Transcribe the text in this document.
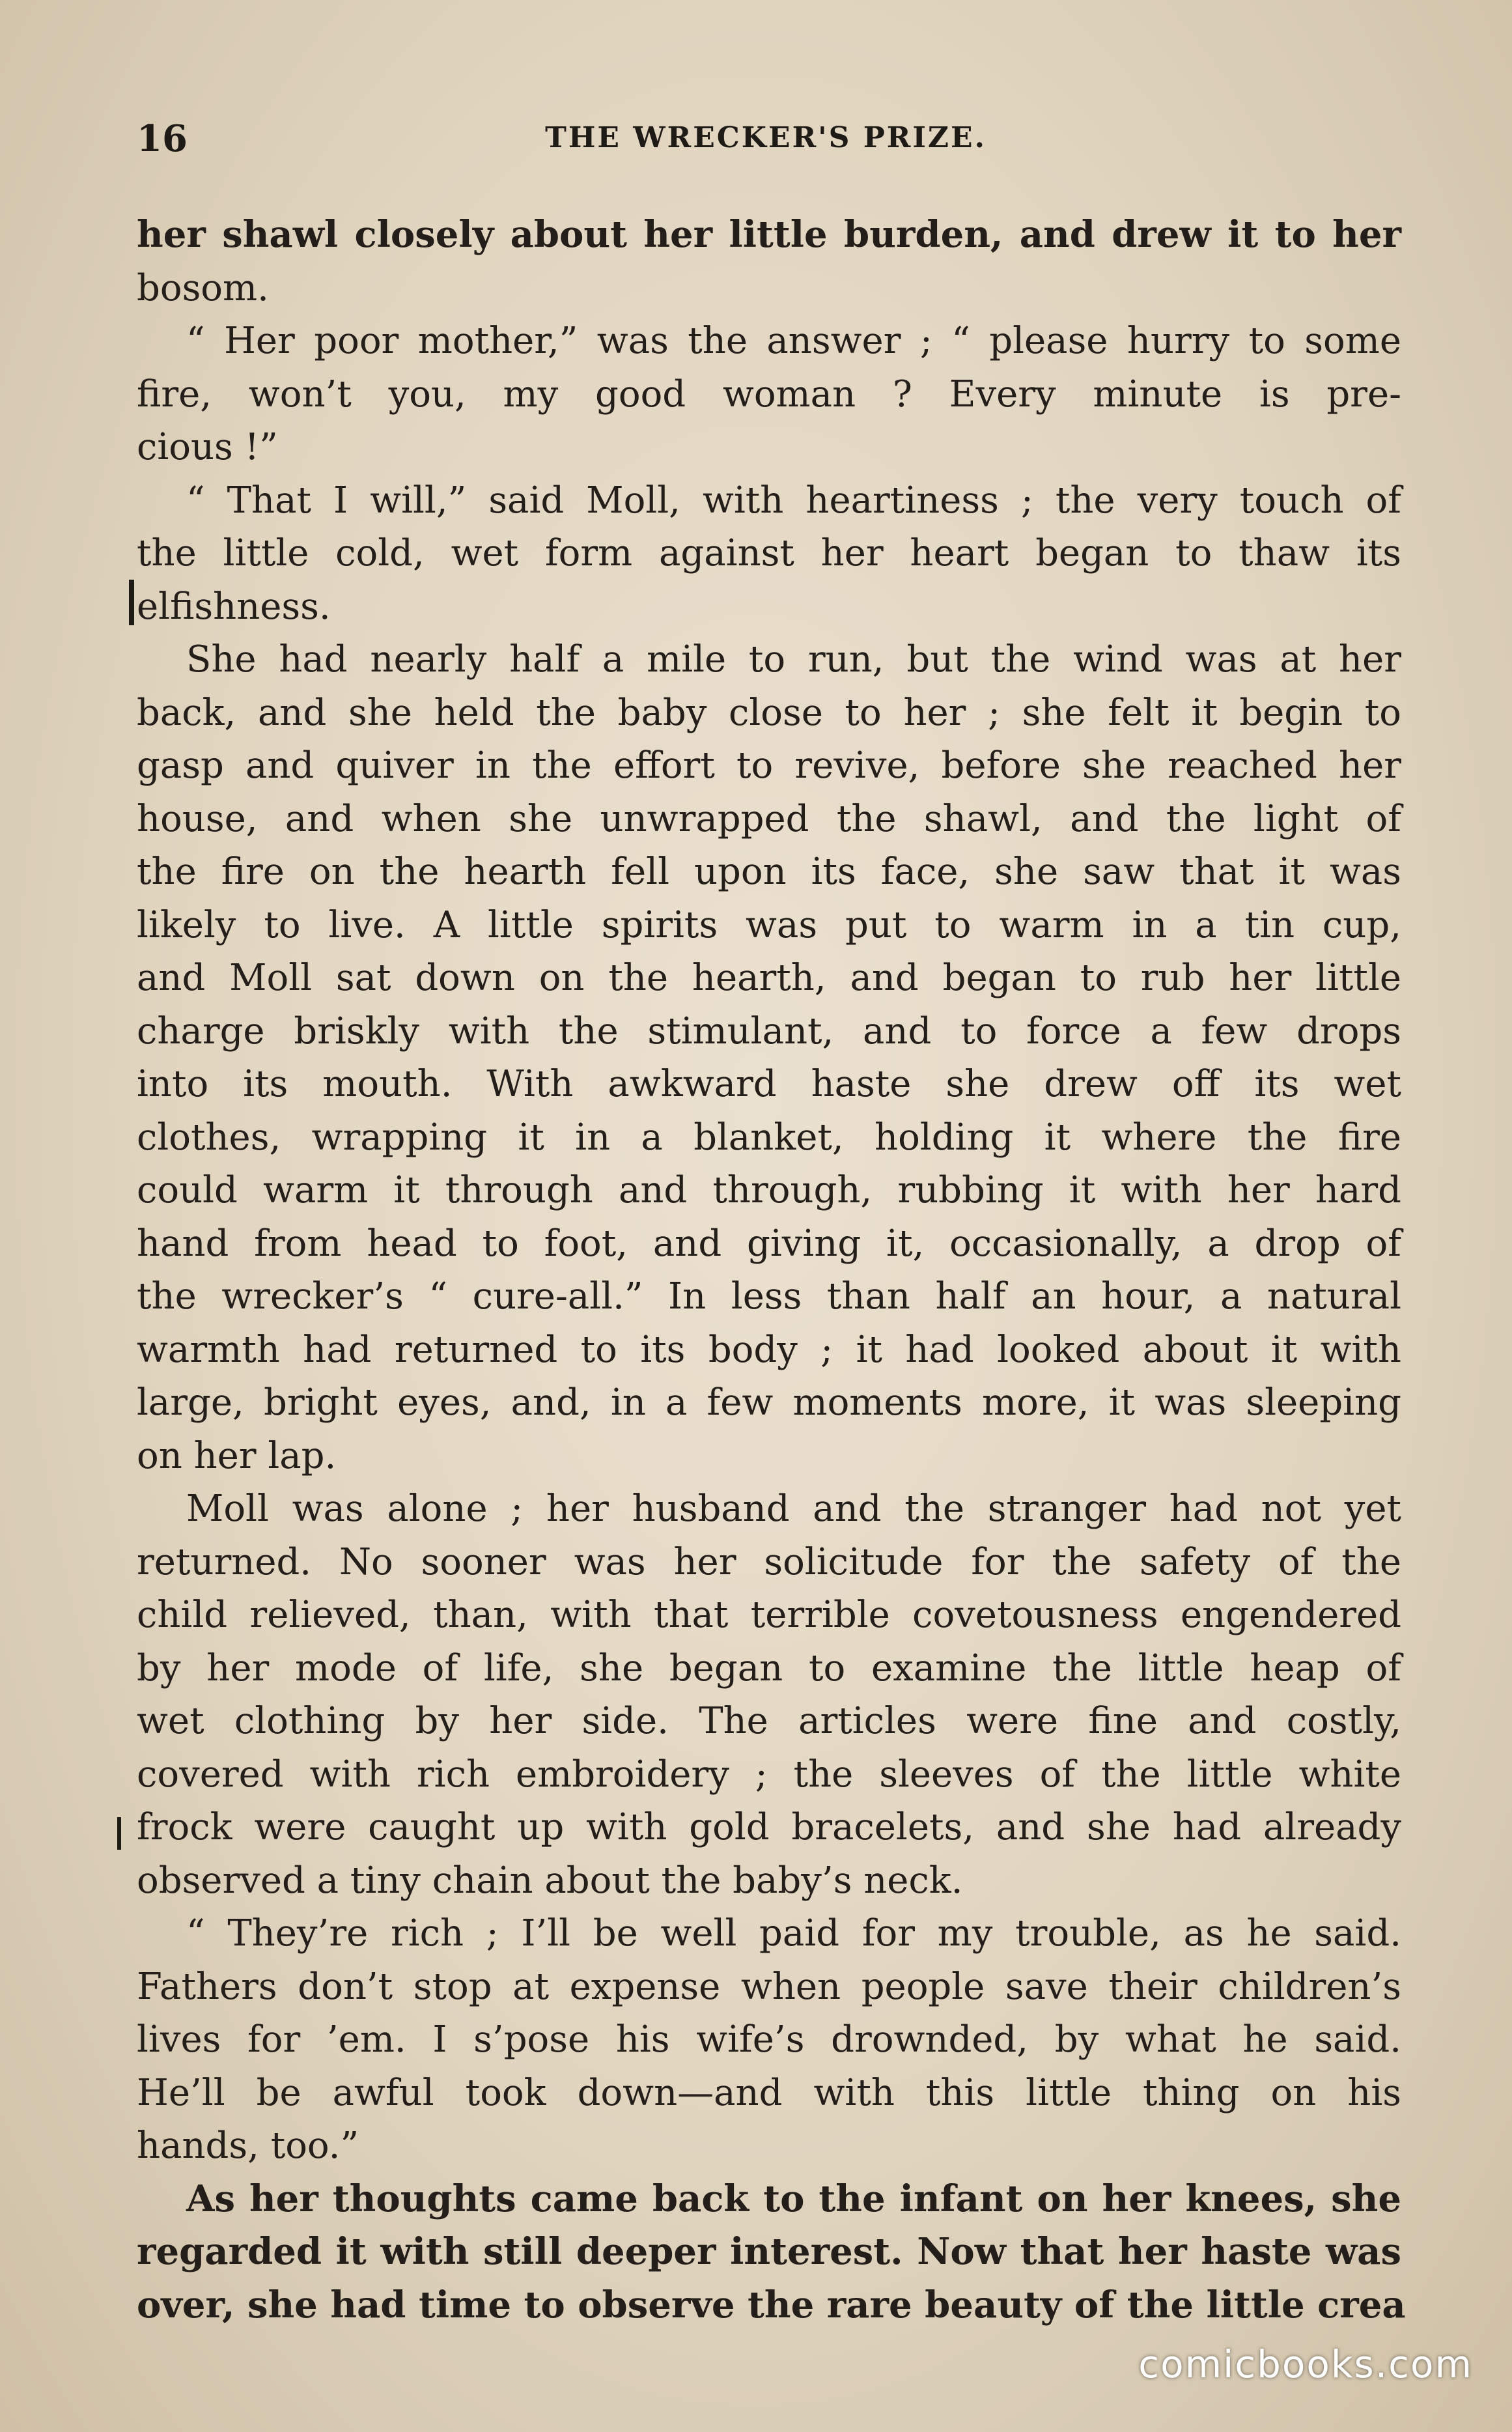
16	THE WRECKER'S PRIZE.
her shawl closely about her little burden, and drew it to her
bosom.
“ Her poor mother,” was the answer ; “ please hurry to some
fire, won’t you, my good woman ? Every minute is pre-
cious !”
“ That I will,” said Moll, with heartiness ; the very touch of
the little cold, wet form against her heart began to thaw its
elfishness.
She had nearly half a mile to run, but the wind was at her
back, and she held the baby close to her ; she felt it begin to
gasp and quiver in the effort to revive, before she reached her
house, and when she unwrapped the shawl, and the light of
the fire on the hearth fell upon its face, she saw that it was
likely to live. A little spirits was put to warm in a tin cup,
and Moll sat down on the hearth, and began to rub her little
charge briskly with the stimulant, and to force a few drops
into its mouth. With awkward haste she drew off its wet
clothes, wrapping it in a blanket, holding it where the fire
could warm it through and through, rubbing it with her hard
hand from head to foot, and giving it, occasionally, a drop of
the wrecker’s “ cure-all.” In less than half an hour, a natural
warmth had returned to its body ; it had looked about it with
large, bright eyes, and, in a few moments more, it was sleeping
on her lap.
Moll was alone ; her husband and the stranger had not yet
returned. No sooner was her solicitude for the safety of the
child relieved, than, with that terrible covetousness engendered
by her mode of life, she began to examine the little heap of
wet clothing by her side. The articles were fine and costly,
covered with rich embroidery ; the sleeves of the little white
frock were caught up with gold bracelets, and she had already
observed a tiny chain about the baby’s neck.
“ They’re rich ; I’ll be well paid for my trouble, as he said.
Fathers don’t stop at expense when people save their children’s
lives for ’em. I s’pose his wife’s drownded, by what he said.
He’ll be awful took down—and with this little thing on his
hands, too.”
As her thoughts came back to the infant on her knees, she
regarded it with still deeper interest. Now that her haste was
over, she had time to observe the rare beauty of the little crea
comicbooks.com
